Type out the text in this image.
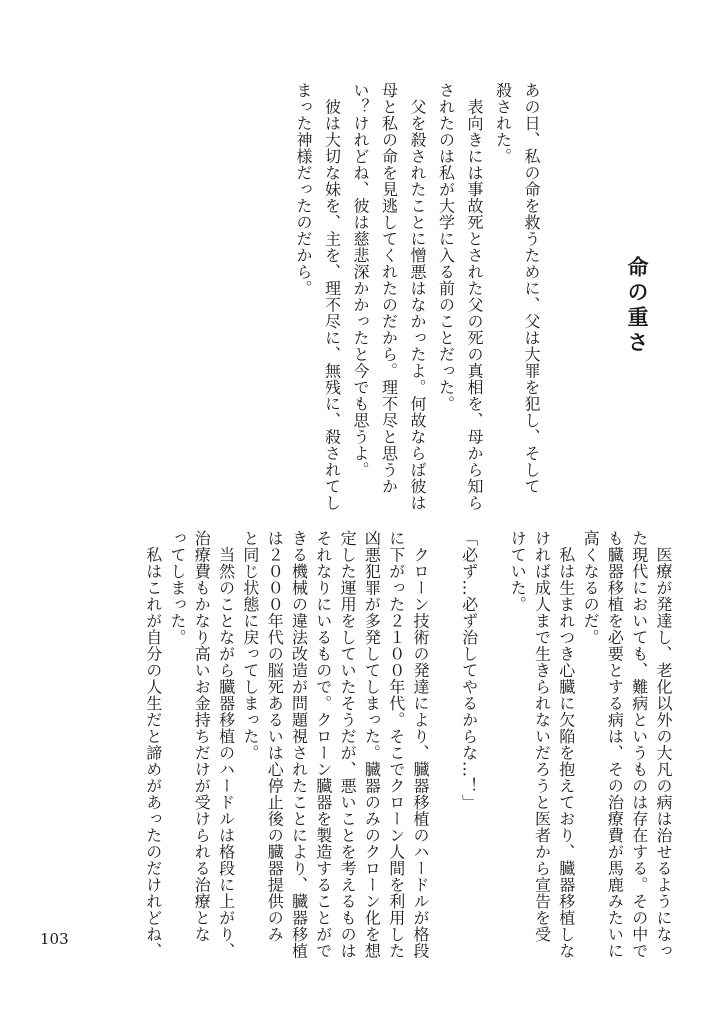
命の重さ
あの日、私の命を救うために、父は大罪を犯し、そして
殺された。
　表向きには事故死とされた父の死の真相を、母から知ら
されたのは私が大学に入る前のことだった。
　父を殺されたことに憎悪はなかったよ。何故ならば彼は
母と私の命を見逃してくれたのだから。理不尽と思うか
い？けれどね、彼は慈悲深かかったと今でも思うよ。
　彼は大切な妹を、主を、理不尽に、無残に、殺されてし
まった神様だったのだから。
　医療が発達し、老化以外の大凡の病は治せるようになっ
た現代においても、難病というものは存在する。その中で
も臓器移植を必要とする病は、その治療費が馬鹿みたいに
高くなるのだ。
　私は生まれつき心臓に欠陥を抱えており、臓器移植しな
ければ成人まで生きられないだろうと医者から宣告を受
けていた。
「必ず…必ず治してやるからな…！」
　クローン技術の発達により、臓器移植のハードルが格段
に下がった２１００年代。そこでクローン人間を利用した
凶悪犯罪が多発してしまった。臓器のみのクローン化を想
定した運用をしていたそうだが、悪いことを考えるものは
それなりにいるもので。クローン臓器を製造することがで
きる機械の違法改造が問題視されたことにより、臓器移植
は２０００年代の脳死あるいは心停止後の臓器提供のみ
と同じ状態に戻ってしまった。
　当然のことながら臓器移植のハードルは格段に上がり、
治療費もかなり高いお金持ちだけが受けられる治療とな
ってしまった。
　私はこれが自分の人生だと諦めがあったのだけれどね、
103
